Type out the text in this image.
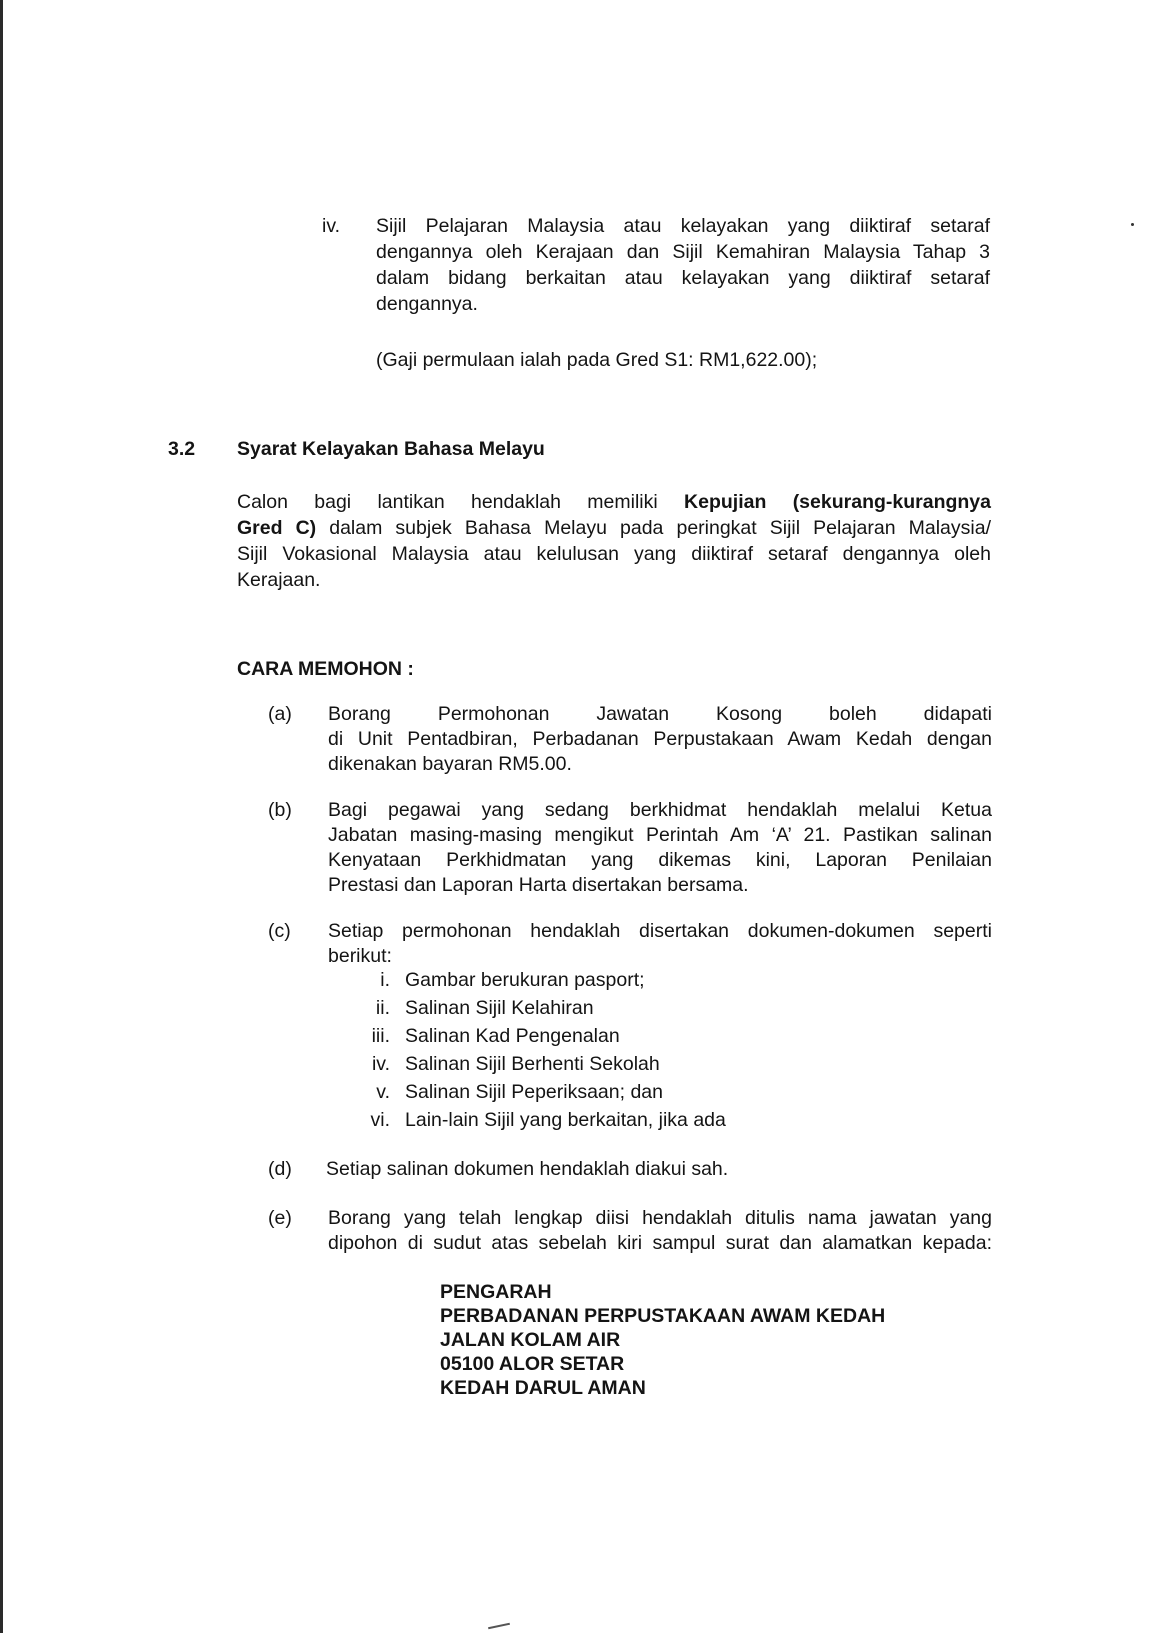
iv. Sijil Pelajaran Malaysia atau kelayakan yang diiktiraf setaraf
dengannya oleh Kerajaan dan Sijil Kemahiran Malaysia Tahap 3
dalam bidang berkaitan atau kelayakan yang diiktiraf setaraf
dengannya.
(Gaji permulaan ialah pada Gred S1: RM1,622.00);
3.2 Syarat Kelayakan Bahasa Melayu
Calon bagi lantikan hendaklah memiliki Kepujian (sekurang-kurangnya
Gred C) dalam subjek Bahasa Melayu pada peringkat Sijil Pelajaran Malaysia/
Sijil Vokasional Malaysia atau kelulusan yang diiktiraf setaraf dengannya oleh
Kerajaan.
CARA MEMOHON :
(a) Borang Permohonan Jawatan Kosong boleh didapati
di Unit Pentadbiran, Perbadanan Perpustakaan Awam Kedah dengan
dikenakan bayaran RM5.00.
(b) Bagi pegawai yang sedang berkhidmat hendaklah melalui Ketua
Jabatan masing-masing mengikut Perintah Am ‘A’ 21. Pastikan salinan
Kenyataan Perkhidmatan yang dikemas kini, Laporan Penilaian
Prestasi dan Laporan Harta disertakan bersama.
(c) Setiap permohonan hendaklah disertakan dokumen-dokumen seperti
berikut:
i. Gambar berukuran pasport;
ii. Salinan Sijil Kelahiran
iii. Salinan Kad Pengenalan
iv. Salinan Sijil Berhenti Sekolah
v. Salinan Sijil Peperiksaan; dan
vi. Lain-lain Sijil yang berkaitan, jika ada
(d) Setiap salinan dokumen hendaklah diakui sah.
(e) Borang yang telah lengkap diisi hendaklah ditulis nama jawatan yang
dipohon di sudut atas sebelah kiri sampul surat dan alamatkan kepada:
PENGARAH
PERBADANAN PERPUSTAKAAN AWAM KEDAH
JALAN KOLAM AIR
05100 ALOR SETAR
KEDAH DARUL AMAN
